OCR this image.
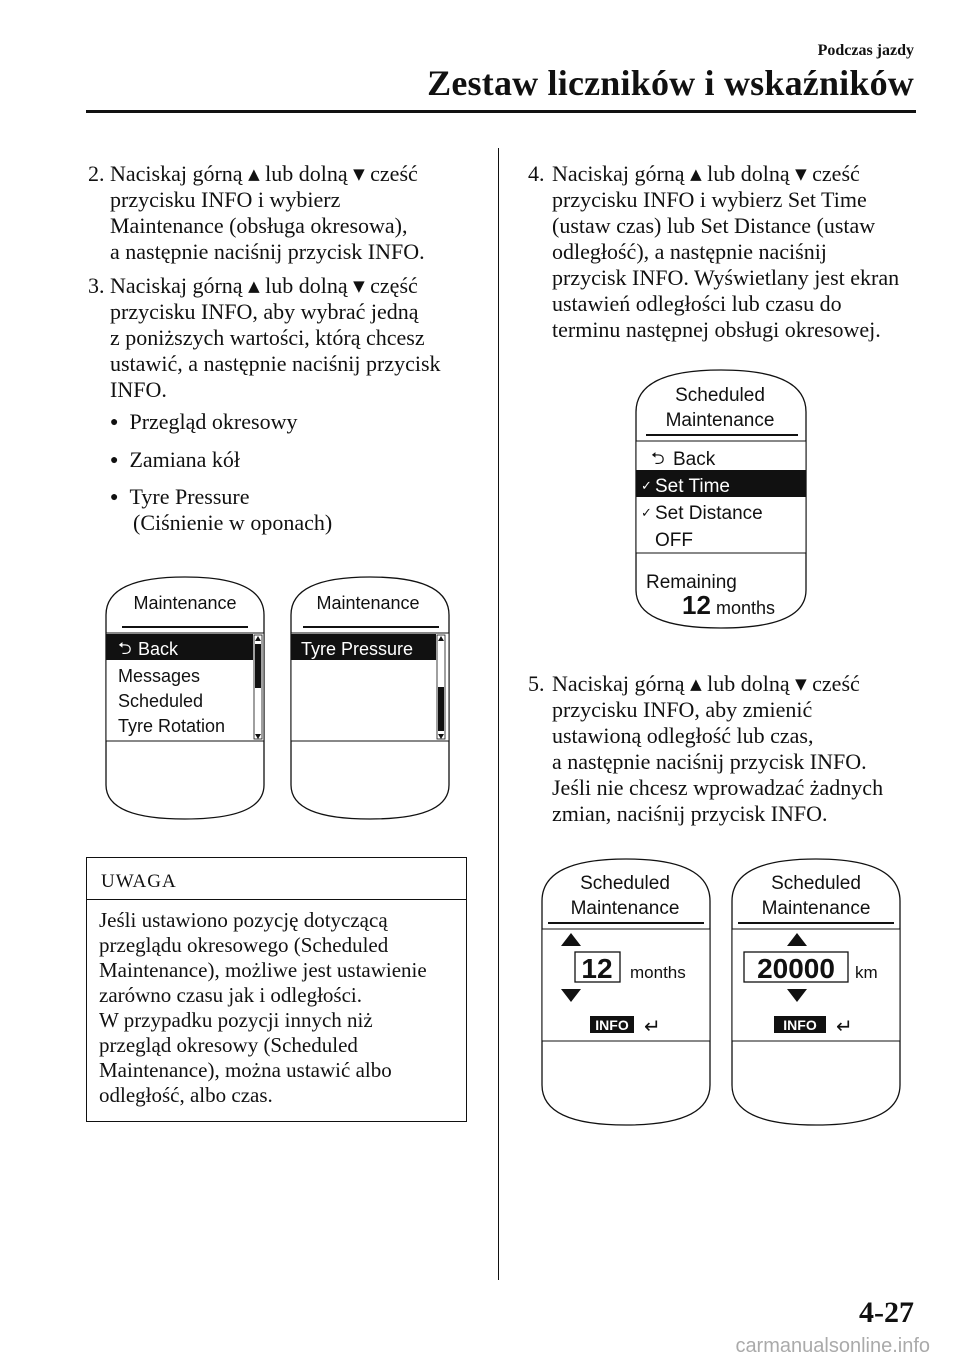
Podczas jazdy
Zestaw liczników i wskaźników
2. Naciskaj górną ▲ lub dolną ▼ cześć
przycisku INFO i wybierz
Maintenance (obsługa okresowa),
a następnie naciśnij przycisk INFO.
3. Naciskaj górną ▲ lub dolną ▼ część
przycisku INFO, aby wybrać jedną
z poniższych wartości, którą chcesz
ustawić, a następnie naciśnij przycisk
INFO.
● Przegląd okresowy
● Zamiana kół
● Tyre Pressure
(Ciśnienie w oponach)
Maintenance
⮌ Back
Messages
Scheduled
Tyre Rotation
Maintenance
Tyre Pressure
UWAGA
Jeśli ustawiono pozycję dotyczącą
przeglądu okresowego (Scheduled
Maintenance), możliwe jest ustawienie
zarówno czasu jak i odległości.
W przypadku pozycji innych niż
przegląd okresowy (Scheduled
Maintenance), można ustawić albo
odległość, albo czas.
4. Naciskaj górną ▲ lub dolną ▼ cześć
przycisku INFO i wybierz Set Time
(ustaw czas) lub Set Distance (ustaw
odległość), a następnie naciśnij
przycisk INFO. Wyświetlany jest ekran
ustawień odległości lub czasu do
terminu następnej obsługi okresowej.
Scheduled
Maintenance
⮌ Back
✓ Set Time
✓ Set Distance
OFF
Remaining
12 months
5. Naciskaj górną ▲ lub dolną ▼ cześć
przycisku INFO, aby zmienić
ustawioną odległość lub czas,
a następnie naciśnij przycisk INFO.
Jeśli nie chcesz wprowadzać żadnych
zmian, naciśnij przycisk INFO.
Scheduled
Maintenance
12 months
INFO ↵
Scheduled
Maintenance
20000 km
INFO ↵
4-27
carmanualsonline.info
